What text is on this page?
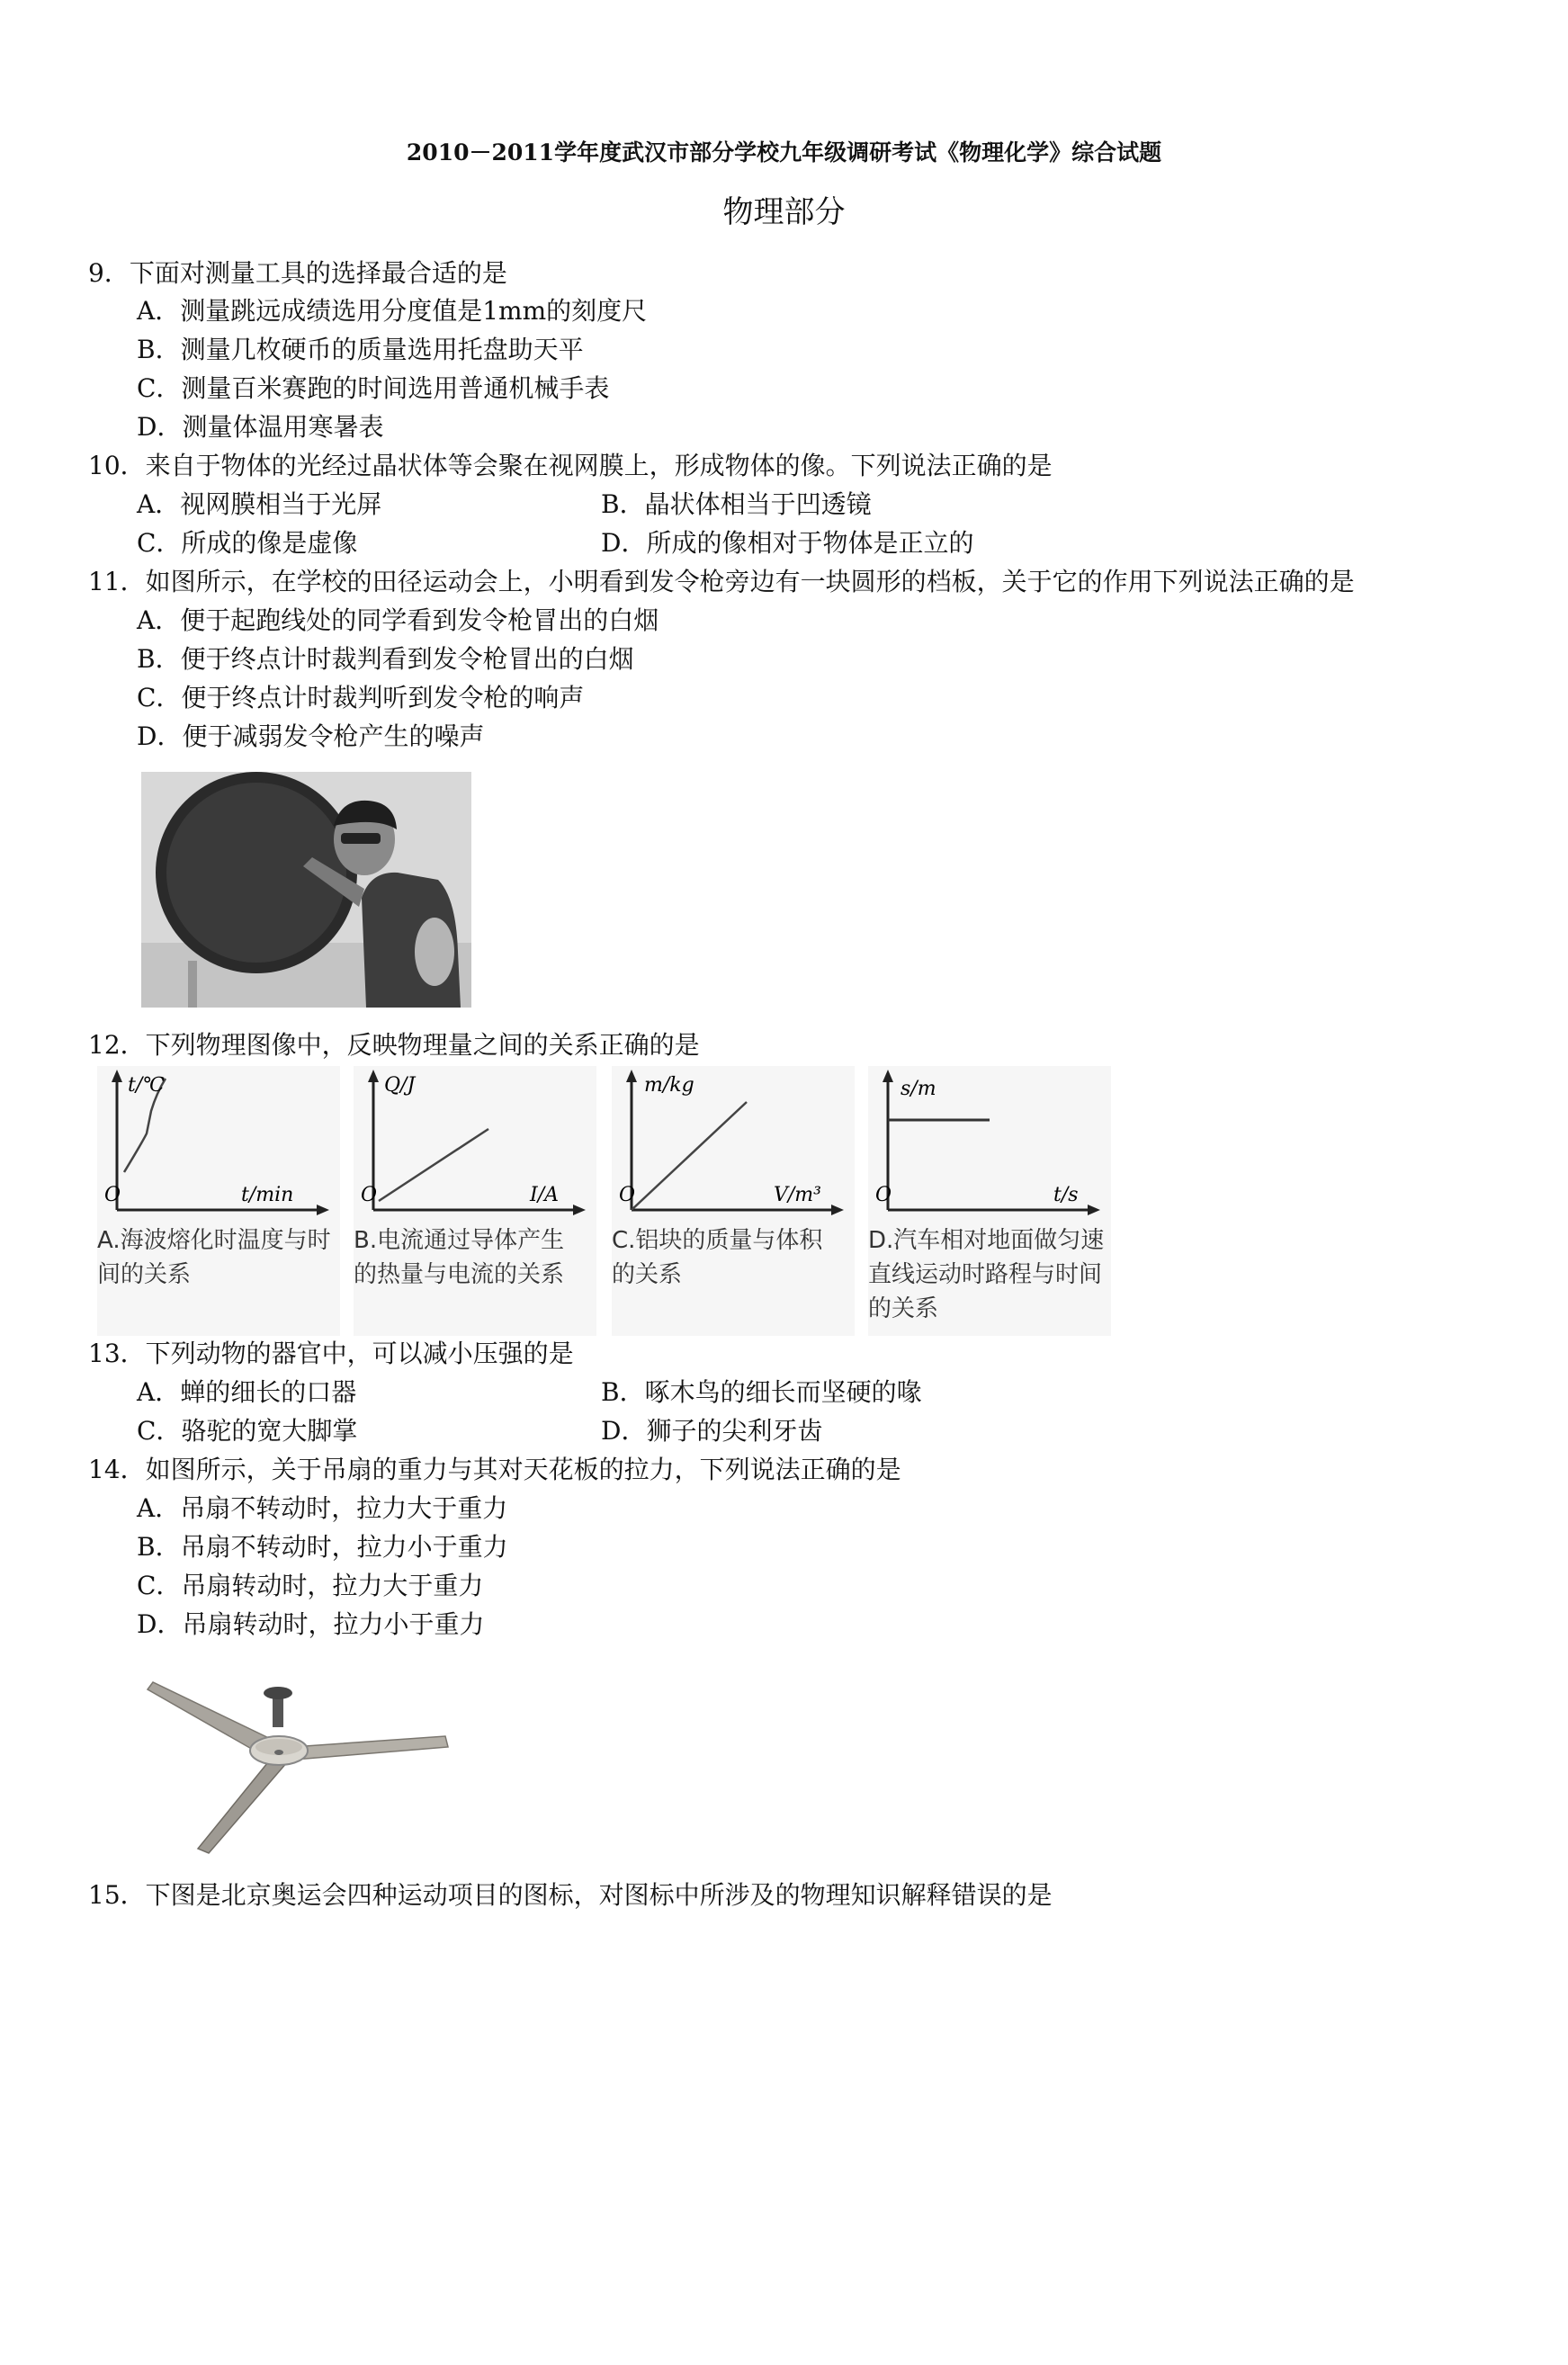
2010－2011学年度武汉市部分学校九年级调研考试《物理化学》综合试题
物理部分
9．下面对测量工具的选择最合适的是
A．测量跳远成绩选用分度值是1mm的刻度尺
B．测量几枚硬币的质量选用托盘助天平
C．测量百米赛跑的时间选用普通机械手表
D．测量体温用寒暑表
10．来自于物体的光经过晶状体等会聚在视网膜上，形成物体的像。下列说法正确的是
A．视网膜相当于光屏	B．晶状体相当于凹透镜
C．所成的像是虚像	D．所成的像相对于物体是正立的
11．如图所示，在学校的田径运动会上，小明看到发令枪旁边有一块圆形的档板，关于它的作用下列说法正确的是
A．便于起跑线处的同学看到发令枪冒出的白烟
B．便于终点计时裁判看到发令枪冒出的白烟
C．便于终点计时裁判听到发令枪的响声
D．便于减弱发令枪产生的噪声
12．下列物理图像中，反映物理量之间的关系正确的是
t/℃
t/min
O
A.海波熔化时温度与时间的关系
Q/J
I/A
O
B.电流通过导体产生的热量与电流的关系
m/kg
V/m³
O
C.铝块的质量与体积的关系
s/m
t/s
O
D.汽车相对地面做匀速直线运动时路程与时间的关系
13．下列动物的器官中，可以减小压强的是
A．蝉的细长的口器	B．啄木鸟的细长而坚硬的喙
C．骆驼的宽大脚掌	D．狮子的尖利牙齿
14．如图所示，关于吊扇的重力与其对天花板的拉力，下列说法正确的是
A．吊扇不转动时，拉力大于重力
B．吊扇不转动时，拉力小于重力
C．吊扇转动时，拉力大于重力
D．吊扇转动时，拉力小于重力
15．下图是北京奥运会四种运动项目的图标，对图标中所涉及的物理知识解释错误的是
